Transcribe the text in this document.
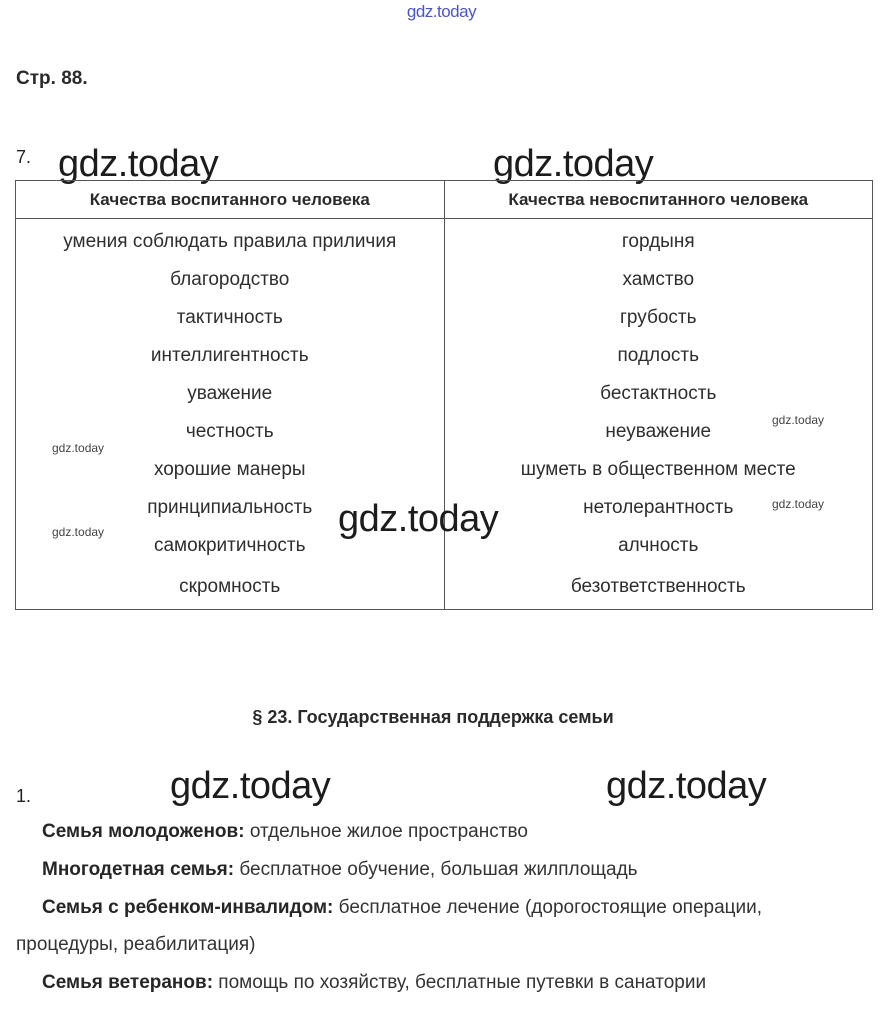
gdz.today
Стр. 88.
7. gdz.today	gdz.today
Качества воспитанного человека	Качества невоспитанного человека
умения соблюдать правила приличия	гордыня
благородство	хамство
тактичность	грубость
интеллигентность	подлость
уважение	бестактность
честность	неуважение
хорошие манеры	шуметь в общественном месте
принципиальность	нетолерантность
самокритичность	алчность
скромность	безответственность
gdz.today
gdz.today
gdz.today
gdz.today
gdz.today
§ 23. Государственная поддержка семьи
1.	gdz.today	gdz.today
Семья молодоженов: отдельное жилое пространство
Многодетная семья: бесплатное обучение, большая жилплощадь
Семья с ребенком-инвалидом: бесплатное лечение (дорогостоящие операции,
процедуры, реабилитация)
Семья ветеранов: помощь по хозяйству, бесплатные путевки в санатории
